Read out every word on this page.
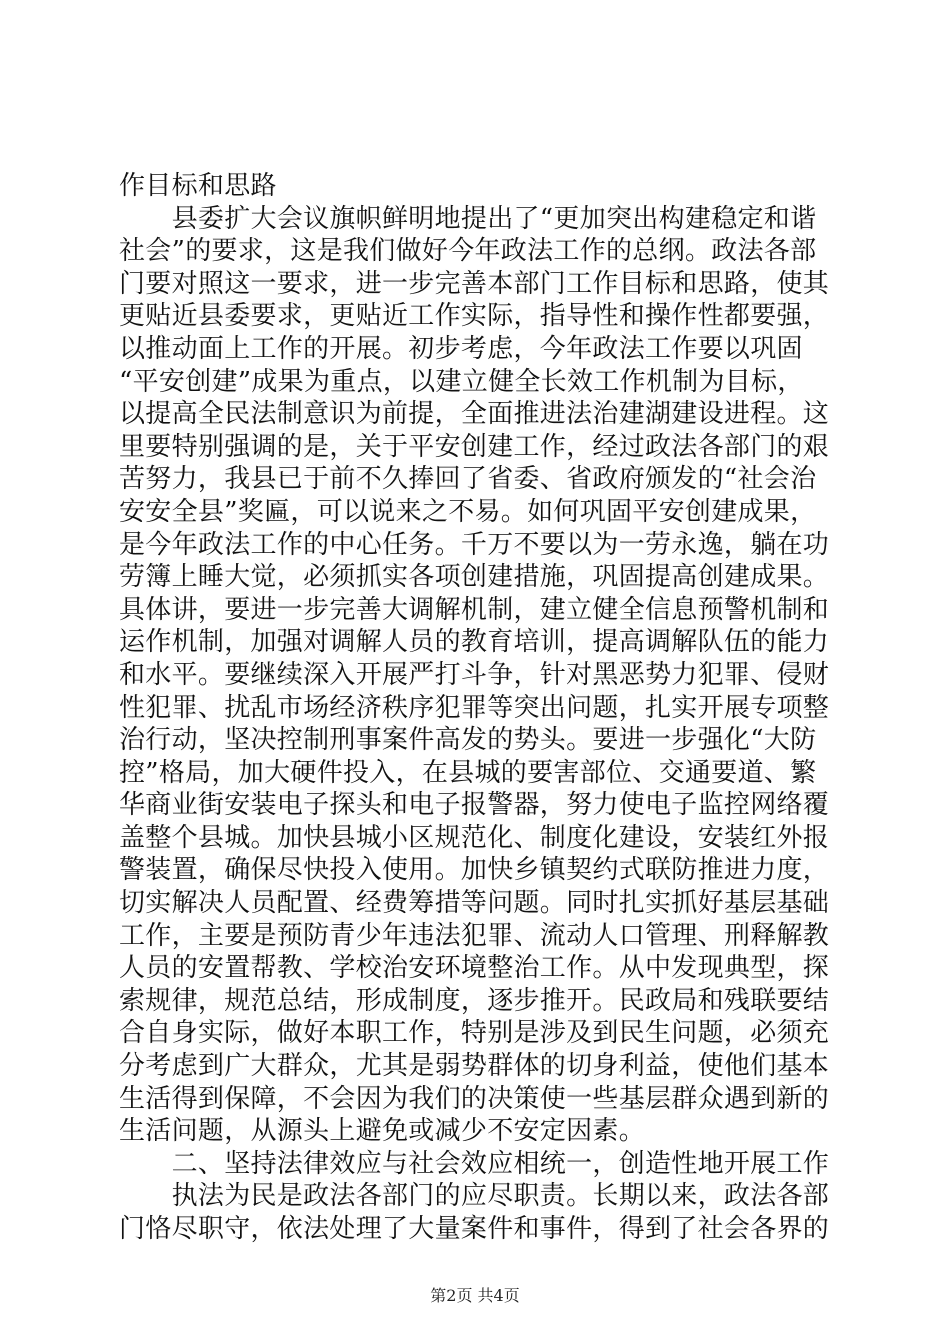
作目标和思路
　　县委扩大会议旗帜鲜明地提出了“更加突出构建稳定和谐
社会”的要求，这是我们做好今年政法工作的总纲。政法各部
门要对照这一要求，进一步完善本部门工作目标和思路，使其
更贴近县委要求，更贴近工作实际，指导性和操作性都要强，
以推动面上工作的开展。初步考虑，今年政法工作要以巩固
“平安创建”成果为重点，以建立健全长效工作机制为目标，
以提高全民法制意识为前提，全面推进法治建湖建设进程。这
里要特别强调的是，关于平安创建工作，经过政法各部门的艰
苦努力，我县已于前不久捧回了省委、省政府颁发的“社会治
安安全县”奖匾，可以说来之不易。如何巩固平安创建成果，
是今年政法工作的中心任务。千万不要以为一劳永逸，躺在功
劳簿上睡大觉，必须抓实各项创建措施，巩固提高创建成果。
具体讲，要进一步完善大调解机制，建立健全信息预警机制和
运作机制，加强对调解人员的教育培训，提高调解队伍的能力
和水平。要继续深入开展严打斗争，针对黑恶势力犯罪、侵财
性犯罪、扰乱市场经济秩序犯罪等突出问题，扎实开展专项整
治行动，坚决控制刑事案件高发的势头。要进一步强化“大防
控”格局，加大硬件投入，在县城的要害部位、交通要道、繁
华商业街安装电子探头和电子报警器，努力使电子监控网络覆
盖整个县城。加快县城小区规范化、制度化建设，安装红外报
警装置，确保尽快投入使用。加快乡镇契约式联防推进力度，
切实解决人员配置、经费筹措等问题。同时扎实抓好基层基础
工作，主要是预防青少年违法犯罪、流动人口管理、刑释解教
人员的安置帮教、学校治安环境整治工作。从中发现典型，探
索规律，规范总结，形成制度，逐步推开。民政局和残联要结
合自身实际，做好本职工作，特别是涉及到民生问题，必须充
分考虑到广大群众，尤其是弱势群体的切身利益，使他们基本
生活得到保障，不会因为我们的决策使一些基层群众遇到新的
生活问题，从源头上避免或减少不安定因素。
　　二、坚持法律效应与社会效应相统一，创造性地开展工作
　　执法为民是政法各部门的应尽职责。长期以来，政法各部
门恪尽职守，依法处理了大量案件和事件，得到了社会各界的
第2页 共4页
